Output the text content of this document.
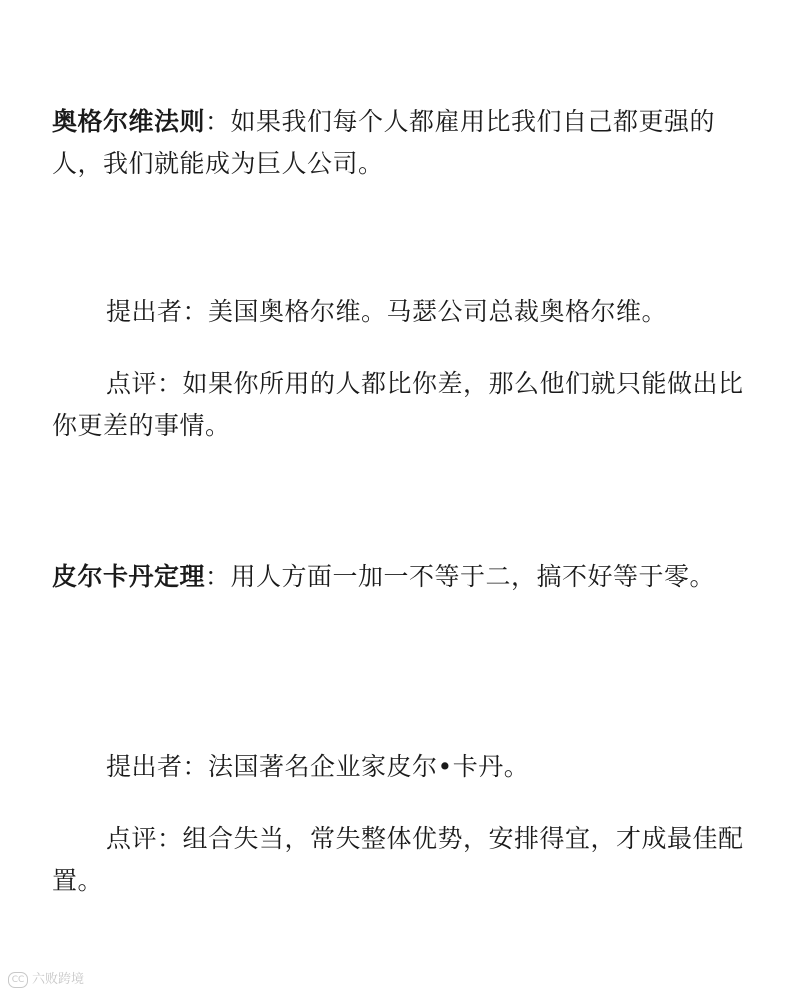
奥格尔维法则：如果我们每个人都雇用比我们自己都更强的人，我们就能成为巨人公司。

提出者：美国奥格尔维。马瑟公司总裁奥格尔维。

点评：如果你所用的人都比你差，那么他们就只能做出比你更差的事情。

皮尔卡丹定理：用人方面一加一不等于二，搞不好等于零。

提出者：法国著名企业家皮尔•卡丹。

点评：组合失当，常失整体优势，安排得宜，才成最佳配置。

CC 六败跨境
